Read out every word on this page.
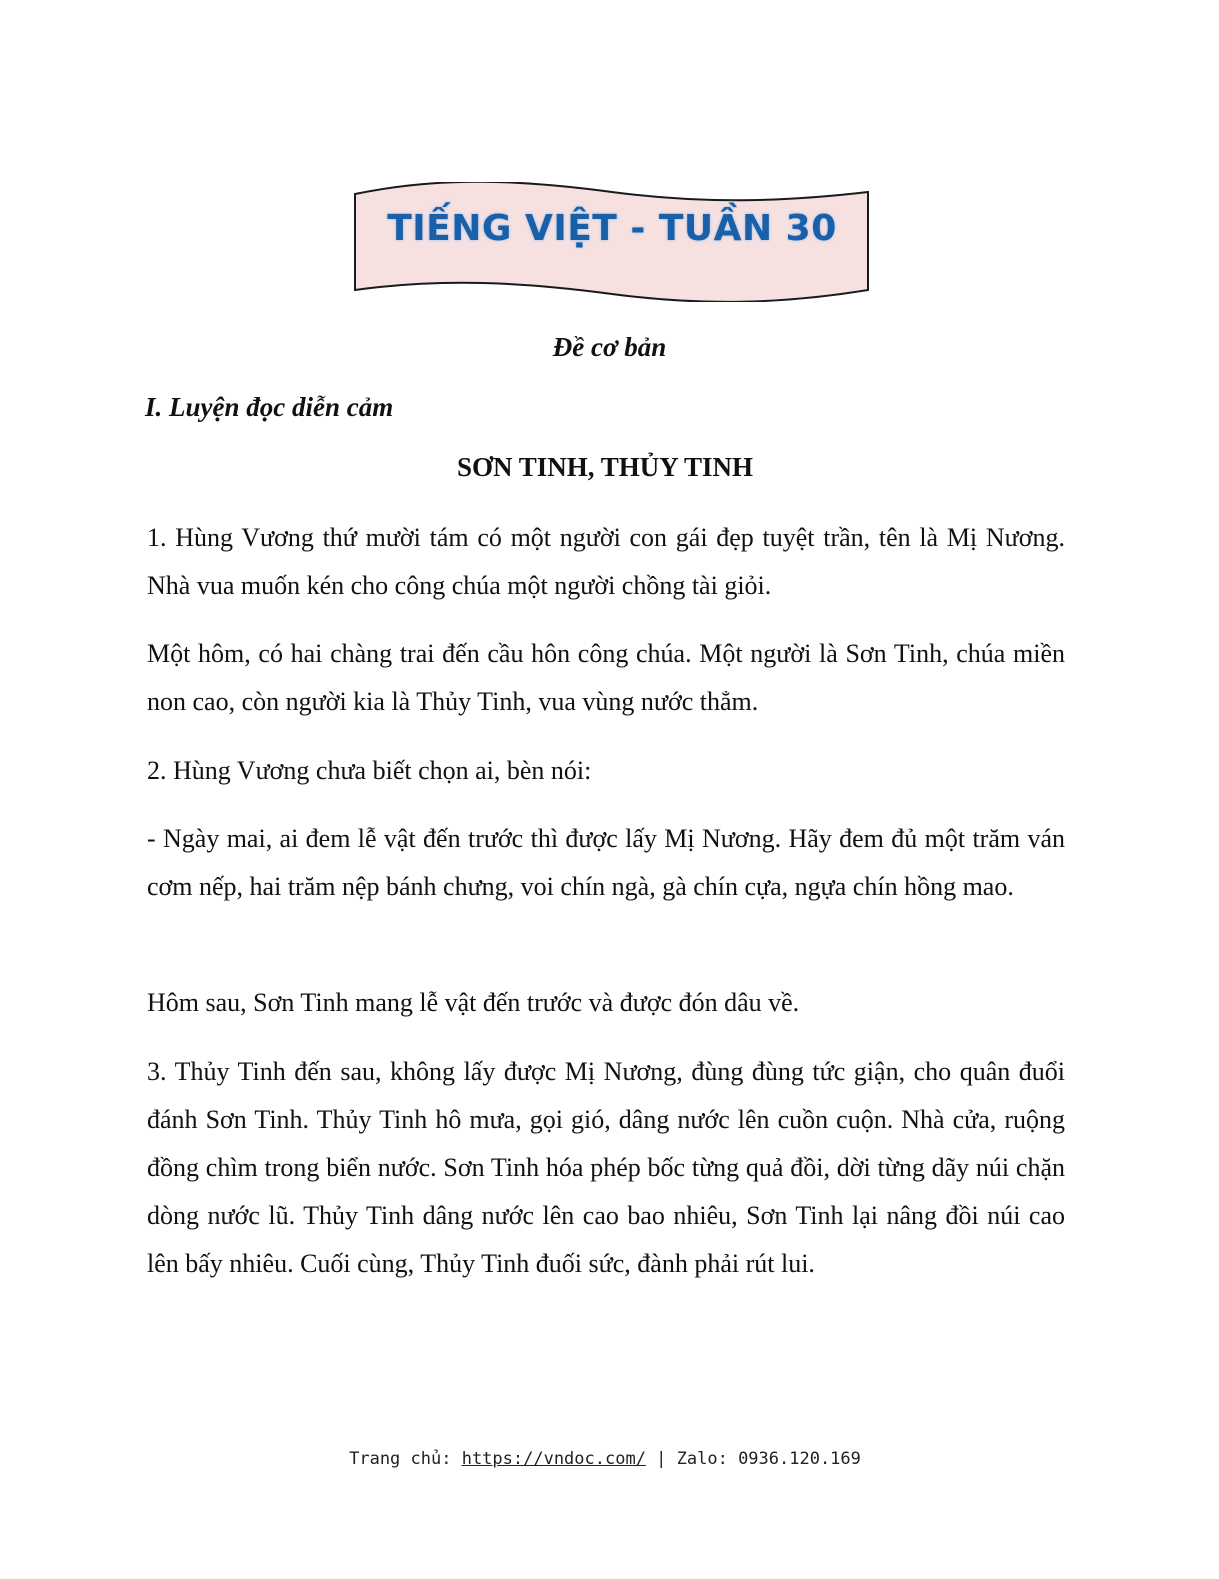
TIẾNG VIỆT - TUẦN 30
Đề cơ bản
I. Luyện đọc diễn cảm
SƠN TINH, THỦY TINH
1. Hùng Vương thứ mười tám có một người con gái đẹp tuyệt trần, tên là Mị Nương. Nhà vua muốn kén cho công chúa một người chồng tài giỏi.
Một hôm, có hai chàng trai đến cầu hôn công chúa. Một người là Sơn Tinh, chúa miền non cao, còn người kia là Thủy Tinh, vua vùng nước thẳm.
2. Hùng Vương chưa biết chọn ai, bèn nói:
- Ngày mai, ai đem lễ vật đến trước thì được lấy Mị Nương. Hãy đem đủ một trăm ván cơm nếp, hai trăm nệp bánh chưng, voi chín ngà, gà chín cựa, ngựa chín hồng mao.
Hôm sau, Sơn Tinh mang lễ vật đến trước và được đón dâu về.
3. Thủy Tinh đến sau, không lấy được Mị Nương, đùng đùng tức giận, cho quân đuổi đánh Sơn Tinh. Thủy Tinh hô mưa, gọi gió, dâng nước lên cuồn cuộn. Nhà cửa, ruộng đồng chìm trong biển nước. Sơn Tinh hóa phép bốc từng quả đồi, dời từng dãy núi chặn dòng nước lũ. Thủy Tinh dâng nước lên cao bao nhiêu, Sơn Tinh lại nâng đồi núi cao lên bấy nhiêu. Cuối cùng, Thủy Tinh đuối sức, đành phải rút lui.
Trang chủ: https://vndoc.com/ | Zalo: 0936.120.169
